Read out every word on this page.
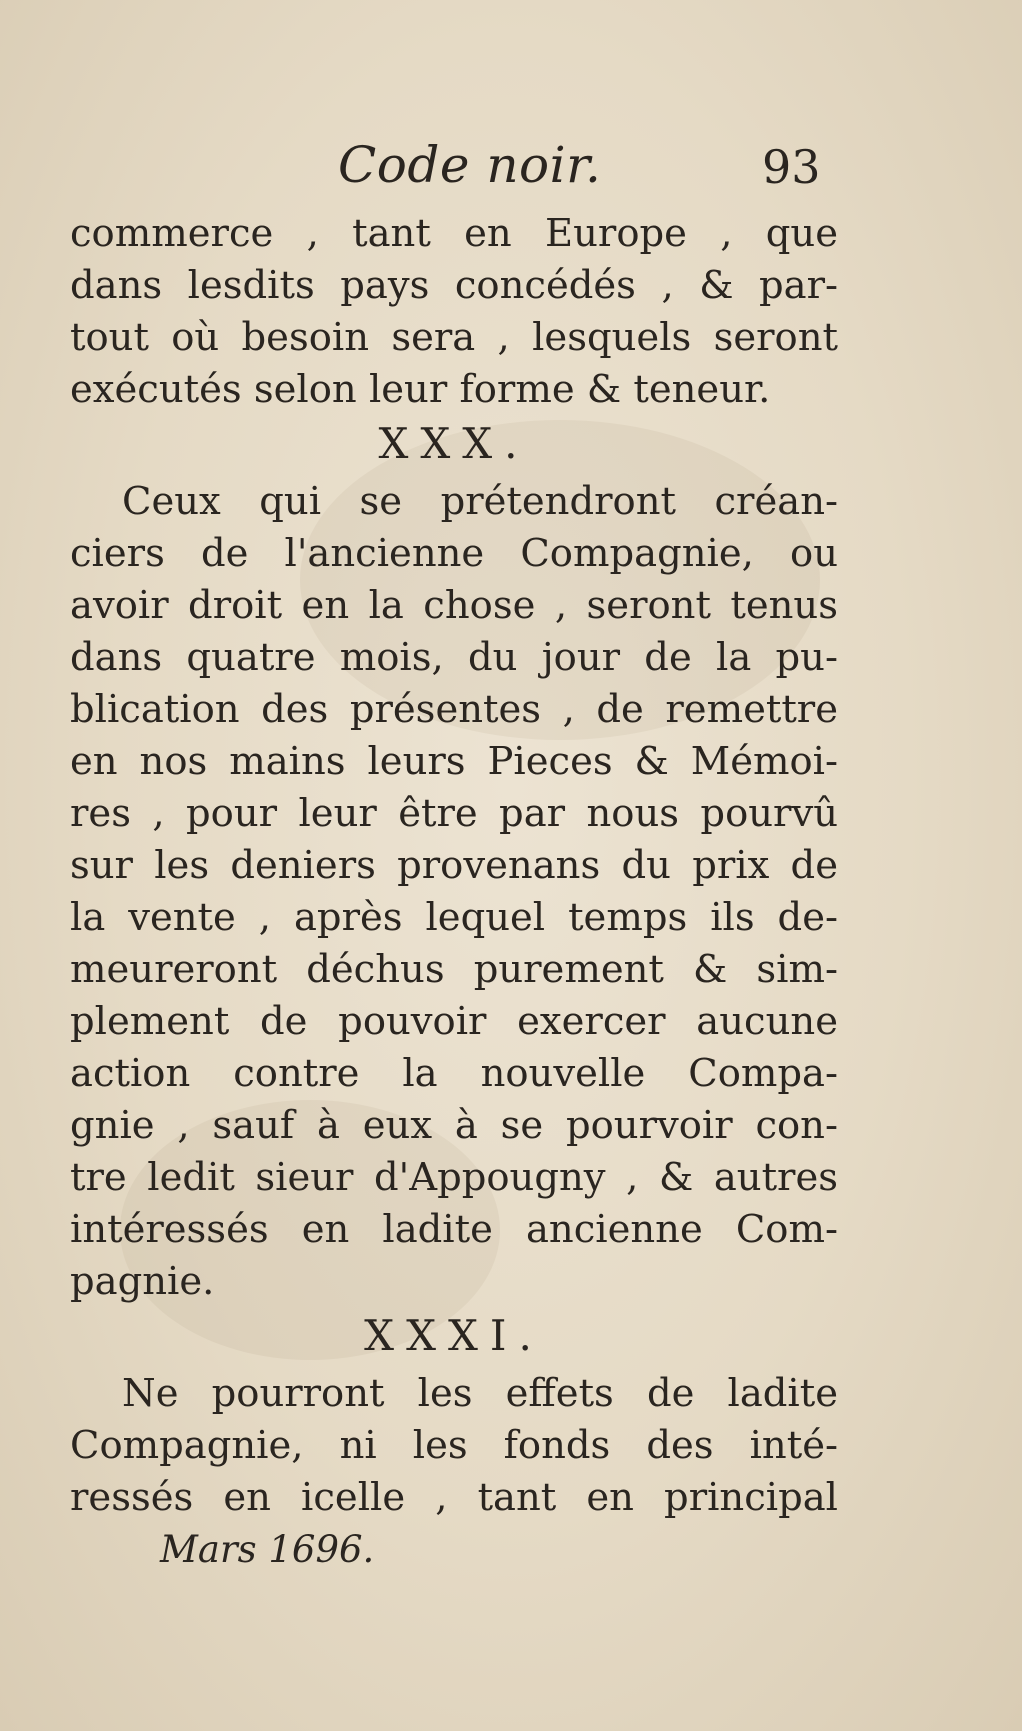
Code noir.	93
commerce , tant en Europe , que
dans lesdits pays concédés , & par-
tout où besoin sera , lesquels seront
exécutés selon leur forme & teneur.
XXX.
Ceux qui se prétendront créan-
ciers de l'ancienne Compagnie, ou
avoir droit en la chose , seront tenus
dans quatre mois, du jour de la pu-
blication des présentes , de remettre
en nos mains leurs Pieces & Mémoi-
res , pour leur être par nous pourvû
sur les deniers provenans du prix de
la vente , après lequel temps ils de-
meureront déchus purement & sim-
plement de pouvoir exercer aucune
action contre la nouvelle Compa-
gnie , sauf à eux à se pourvoir con-
tre ledit sieur d'Appougny , & autres
intéressés en ladite ancienne Com-
pagnie.
XXXI.
Ne pourront les effets de ladite
Compagnie, ni les fonds des inté-
ressés en icelle , tant en principal
Mars 1696.
